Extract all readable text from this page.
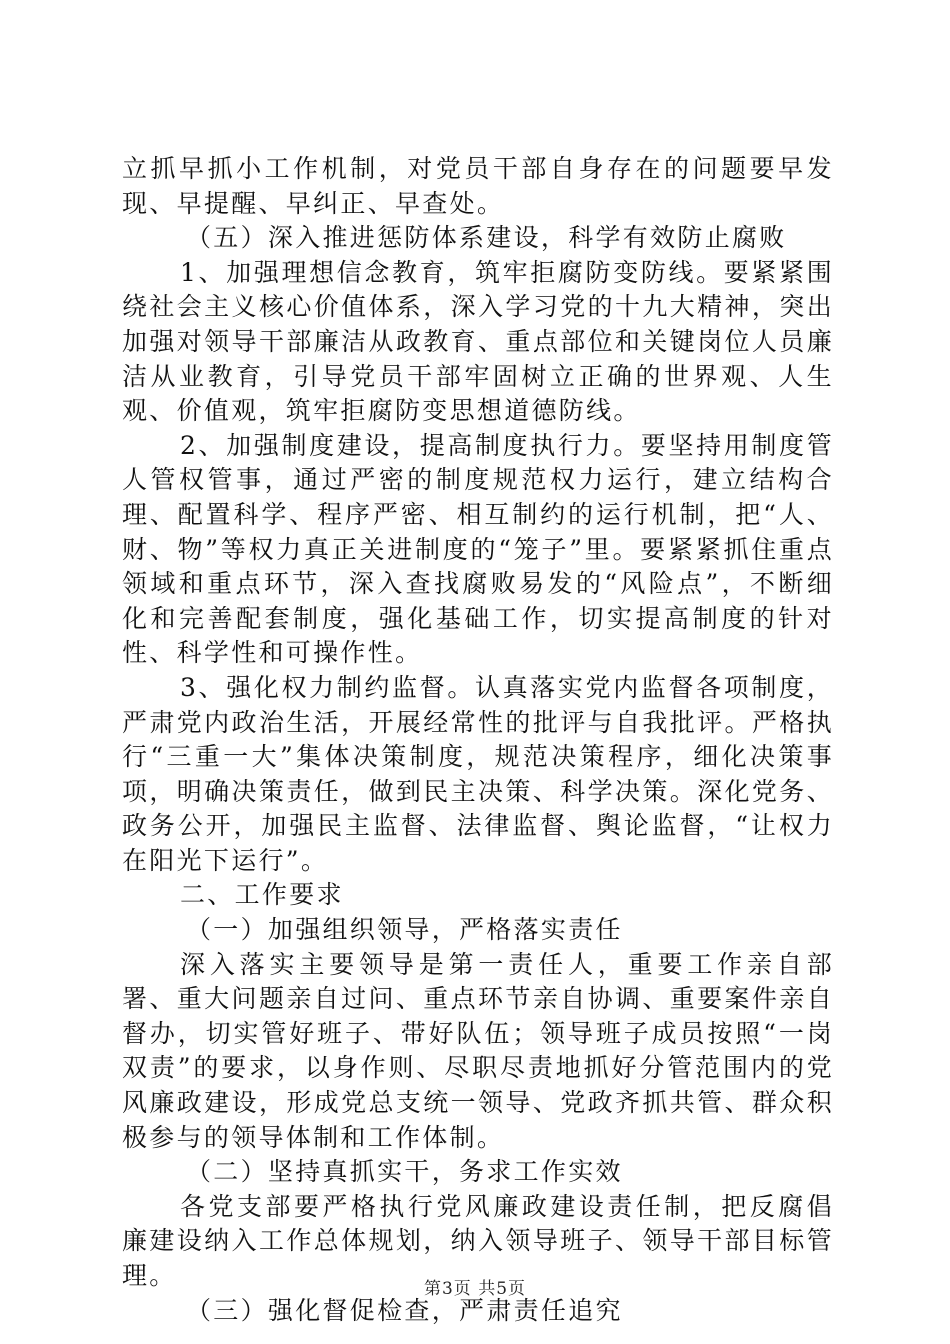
立抓早抓小工作机制，对党员干部自身存在的问题要早发现、早提醒、早纠正、早查处。

（五）深入推进惩防体系建设，科学有效防止腐败

1、加强理想信念教育，筑牢拒腐防变防线。要紧紧围绕社会主义核心价值体系，深入学习党的十九大精神，突出加强对领导干部廉洁从政教育、重点部位和关键岗位人员廉洁从业教育，引导党员干部牢固树立正确的世界观、人生观、价值观，筑牢拒腐防变思想道德防线。

2、加强制度建设，提高制度执行力。要坚持用制度管人管权管事，通过严密的制度规范权力运行，建立结构合理、配置科学、程序严密、相互制约的运行机制，把“人、财、物”等权力真正关进制度的“笼子”里。要紧紧抓住重点领域和重点环节，深入查找腐败易发的“风险点”，不断细化和完善配套制度，强化基础工作，切实提高制度的针对性、科学性和可操作性。

3、强化权力制约监督。认真落实党内监督各项制度，严肃党内政治生活，开展经常性的批评与自我批评。严格执行“三重一大”集体决策制度，规范决策程序，细化决策事项，明确决策责任，做到民主决策、科学决策。深化党务、政务公开，加强民主监督、法律监督、舆论监督，“让权力在阳光下运行”。

二、工作要求

（一）加强组织领导，严格落实责任

深入落实主要领导是第一责任人，重要工作亲自部署、重大问题亲自过问、重点环节亲自协调、重要案件亲自督办，切实管好班子、带好队伍；领导班子成员按照“一岗双责”的要求，以身作则、尽职尽责地抓好分管范围内的党风廉政建设，形成党总支统一领导、党政齐抓共管、群众积极参与的领导体制和工作体制。

（二）坚持真抓实干，务求工作实效

各党支部要严格执行党风廉政建设责任制，把反腐倡廉建设纳入工作总体规划，纳入领导班子、领导干部目标管理。

（三）强化督促检查，严肃责任追究

第3页 共5页
